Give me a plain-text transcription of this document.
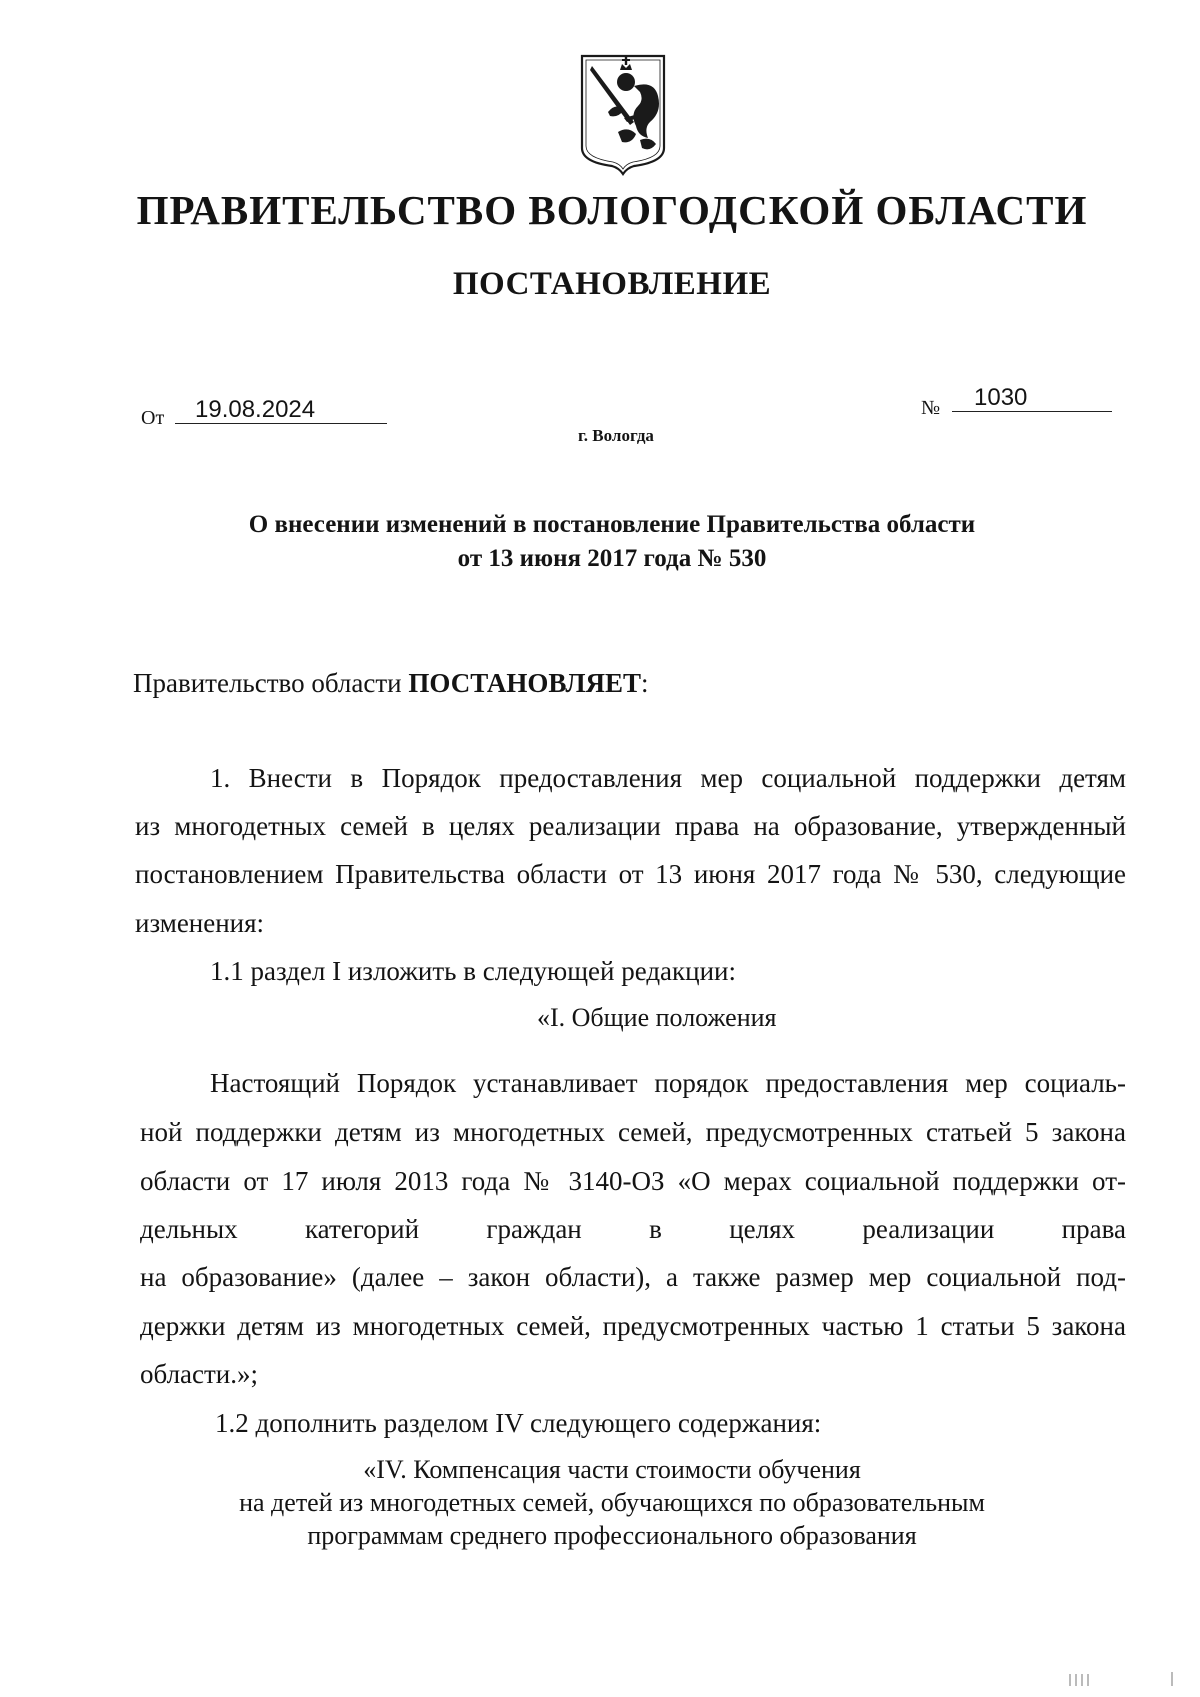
ПРАВИТЕЛЬСТВО ВОЛОГОДСКОЙ ОБЛАСТИ
ПОСТАНОВЛЕНИЕ
От	19.08.2024	№	1030
г. Вологда
О внесении изменений в постановление Правительства области
от 13 июня 2017 года № 530
Правительство области ПОСТАНОВЛЯЕТ:
1. Внести в Порядок предоставления мер социальной поддержки детям
из многодетных семей в целях реализации права на образование, утвержденный
постановлением Правительства области от 13 июня 2017 года № 530, следующие
изменения:
1.1 раздел I изложить в следующей редакции:
«I. Общие положения
Настоящий Порядок устанавливает порядок предоставления мер социаль-
ной поддержки детям из многодетных семей, предусмотренных статьей 5 закона
области от 17 июля 2013 года № 3140-ОЗ «О мерах социальной поддержки от-
дельных категорий граждан в целях реализации права
на образование» (далее – закон области), а также размер мер социальной под-
держки детям из многодетных семей, предусмотренных частью 1 статьи 5 закона
области.»;
1.2 дополнить разделом IV следующего содержания:
«IV. Компенсация части стоимости обучения
на детей из многодетных семей, обучающихся по образовательным
программам среднего профессионального образования
